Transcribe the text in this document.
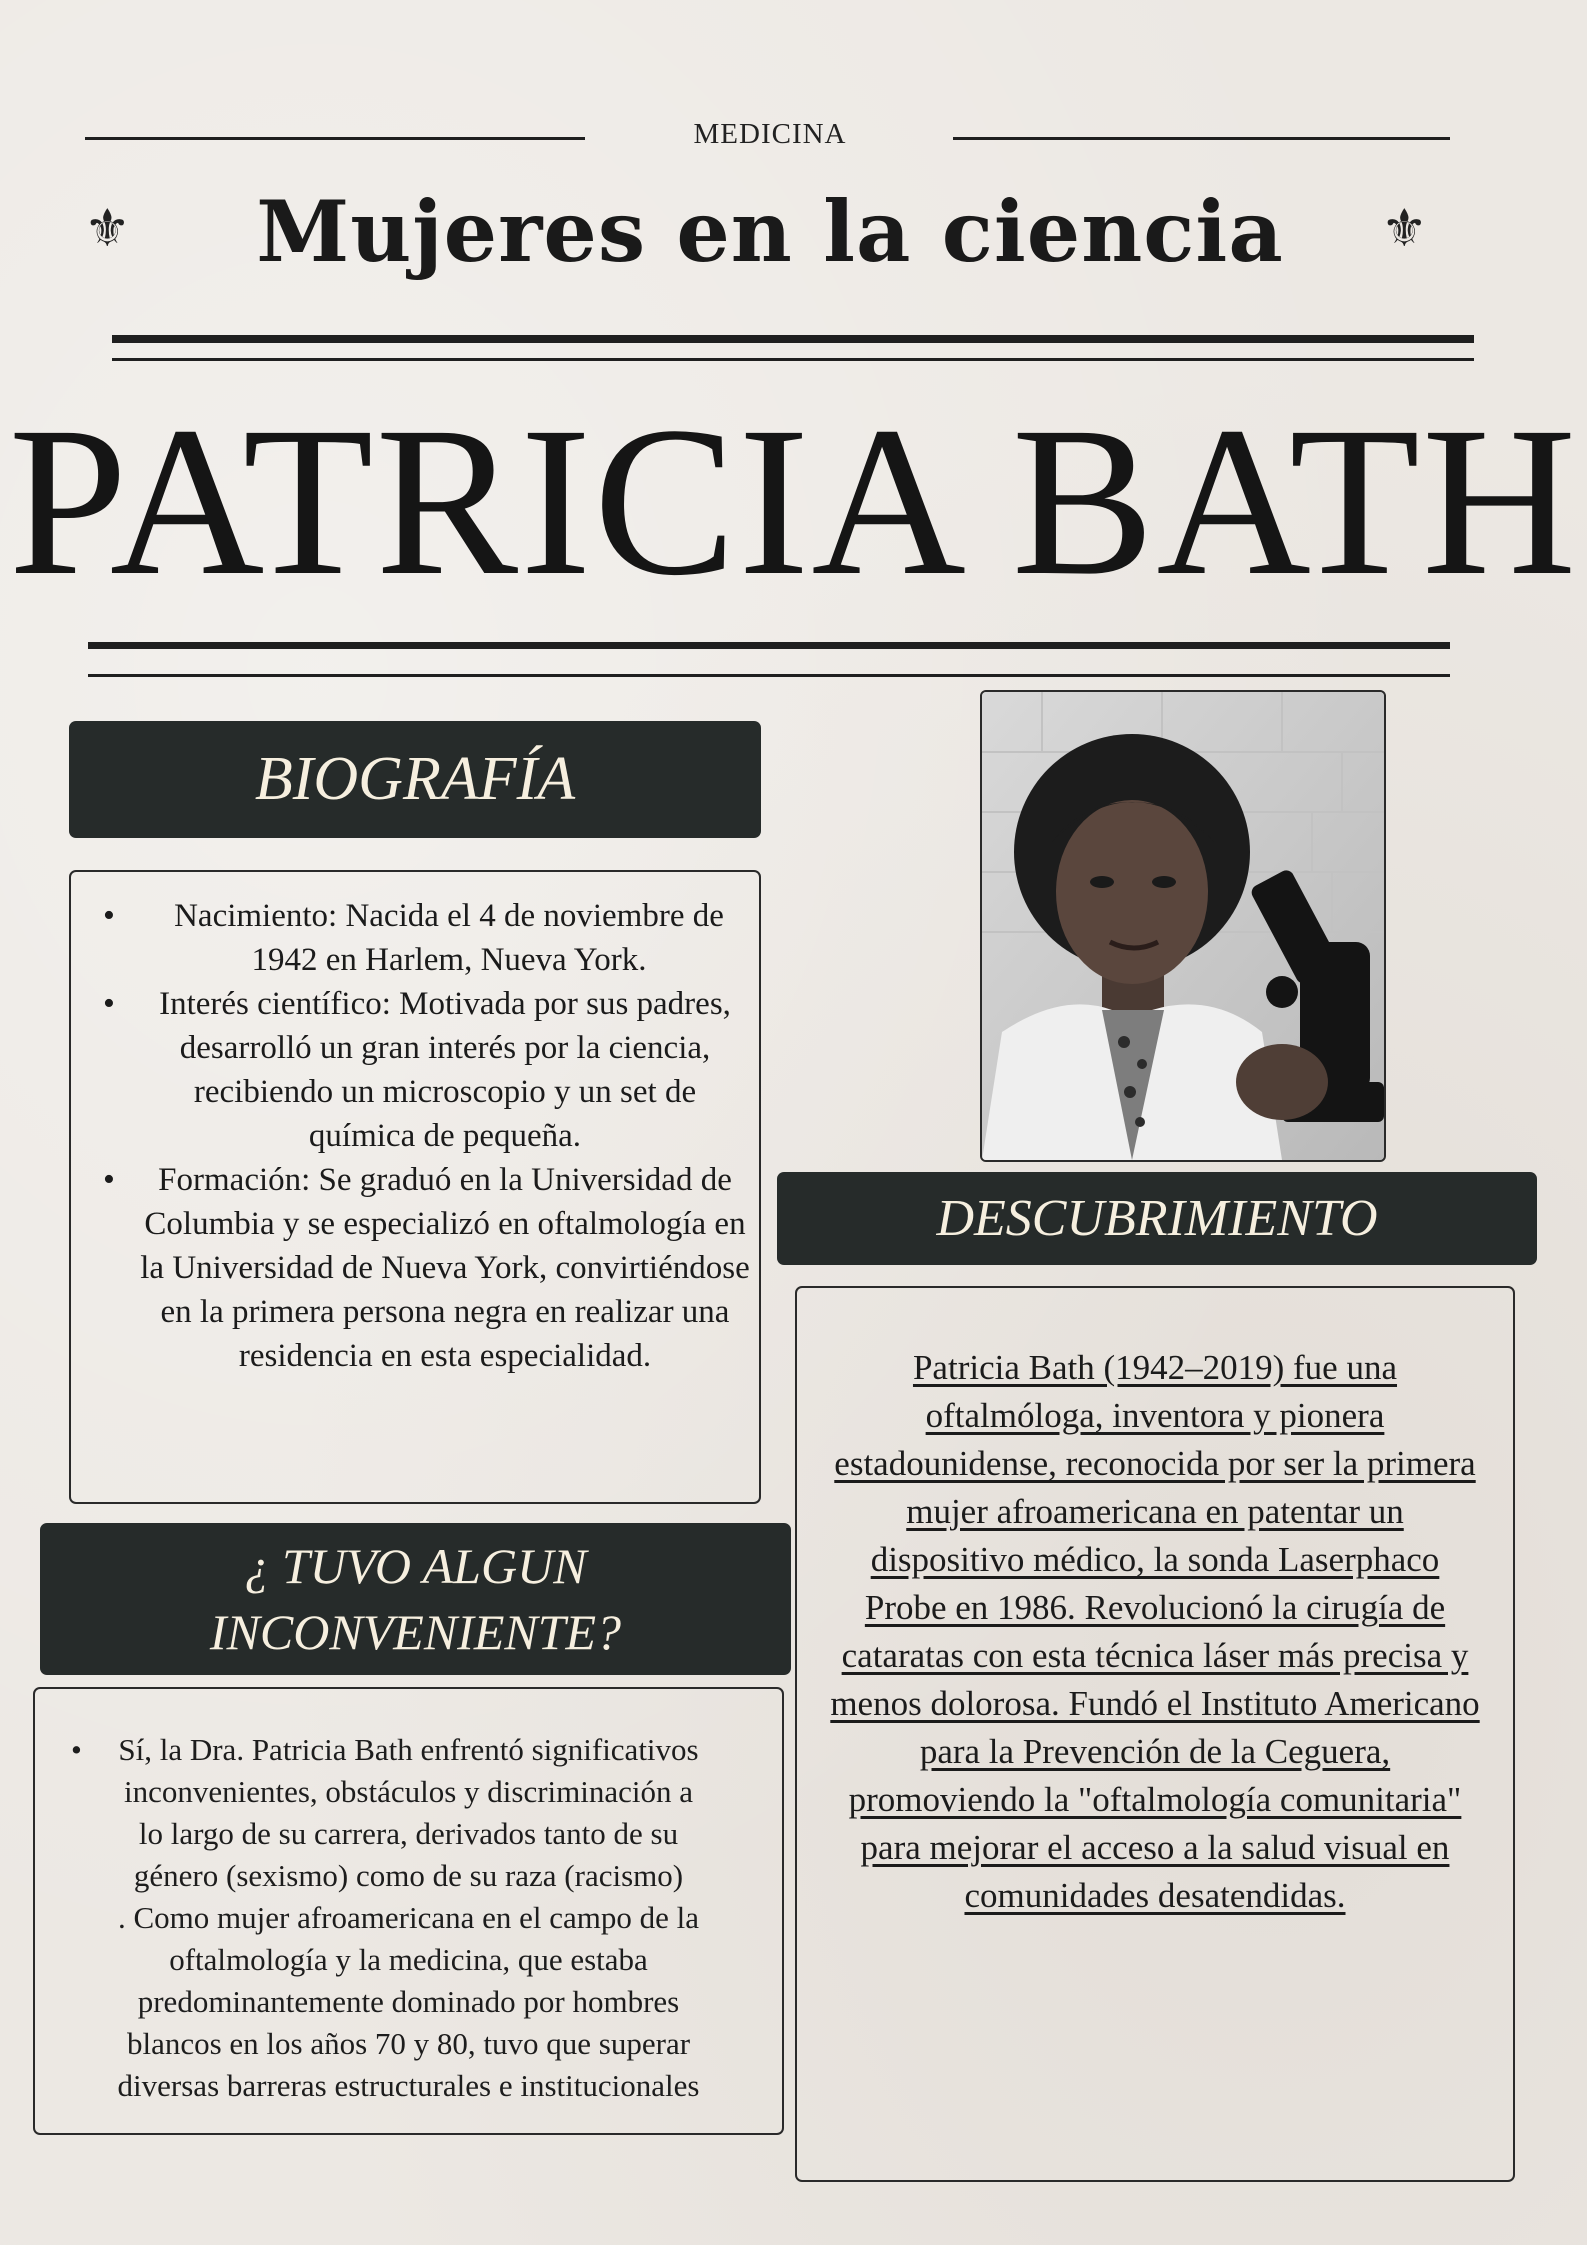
MEDICINA
⚜	⚜
Mujeres en la ciencia
PATRICIA BATH
BIOGRAFÍA
• Nacimiento: Nacida el 4 de noviembre de 1942 en Harlem, Nueva York.
• Interés científico: Motivada por sus padres, desarrolló un gran interés por la ciencia, recibiendo un microscopio y un set de química de pequeña.
• Formación: Se graduó en la Universidad de Columbia y se especializó en oftalmología en la Universidad de Nueva York, convirtiéndose en la primera persona negra en realizar una residencia en esta especialidad.
DESCUBRIMIENTO
Patricia Bath (1942–2019) fue una oftalmóloga, inventora y pionera estadounidense, reconocida por ser la primera mujer afroamericana en patentar un dispositivo médico, la sonda Laserphaco Probe en 1986. Revolucionó la cirugía de cataratas con esta técnica láser más precisa y menos dolorosa. Fundó el Instituto Americano para la Prevención de la Ceguera, promoviendo la "oftalmología comunitaria" para mejorar el acceso a la salud visual en comunidades desatendidas.
¿ TUVO ALGUN
INCONVENIENTE?
•	Sí, la Dra. Patricia Bath enfrentó significativos
inconvenientes, obstáculos y discriminación a
lo largo de su carrera, derivados tanto de su
género (sexismo) como de su raza (racismo)
. Como mujer afroamericana en el campo de la
oftalmología y la medicina, que estaba
predominantemente dominado por hombres
blancos en los años 70 y 80, tuvo que superar
diversas barreras estructurales e institucionales
